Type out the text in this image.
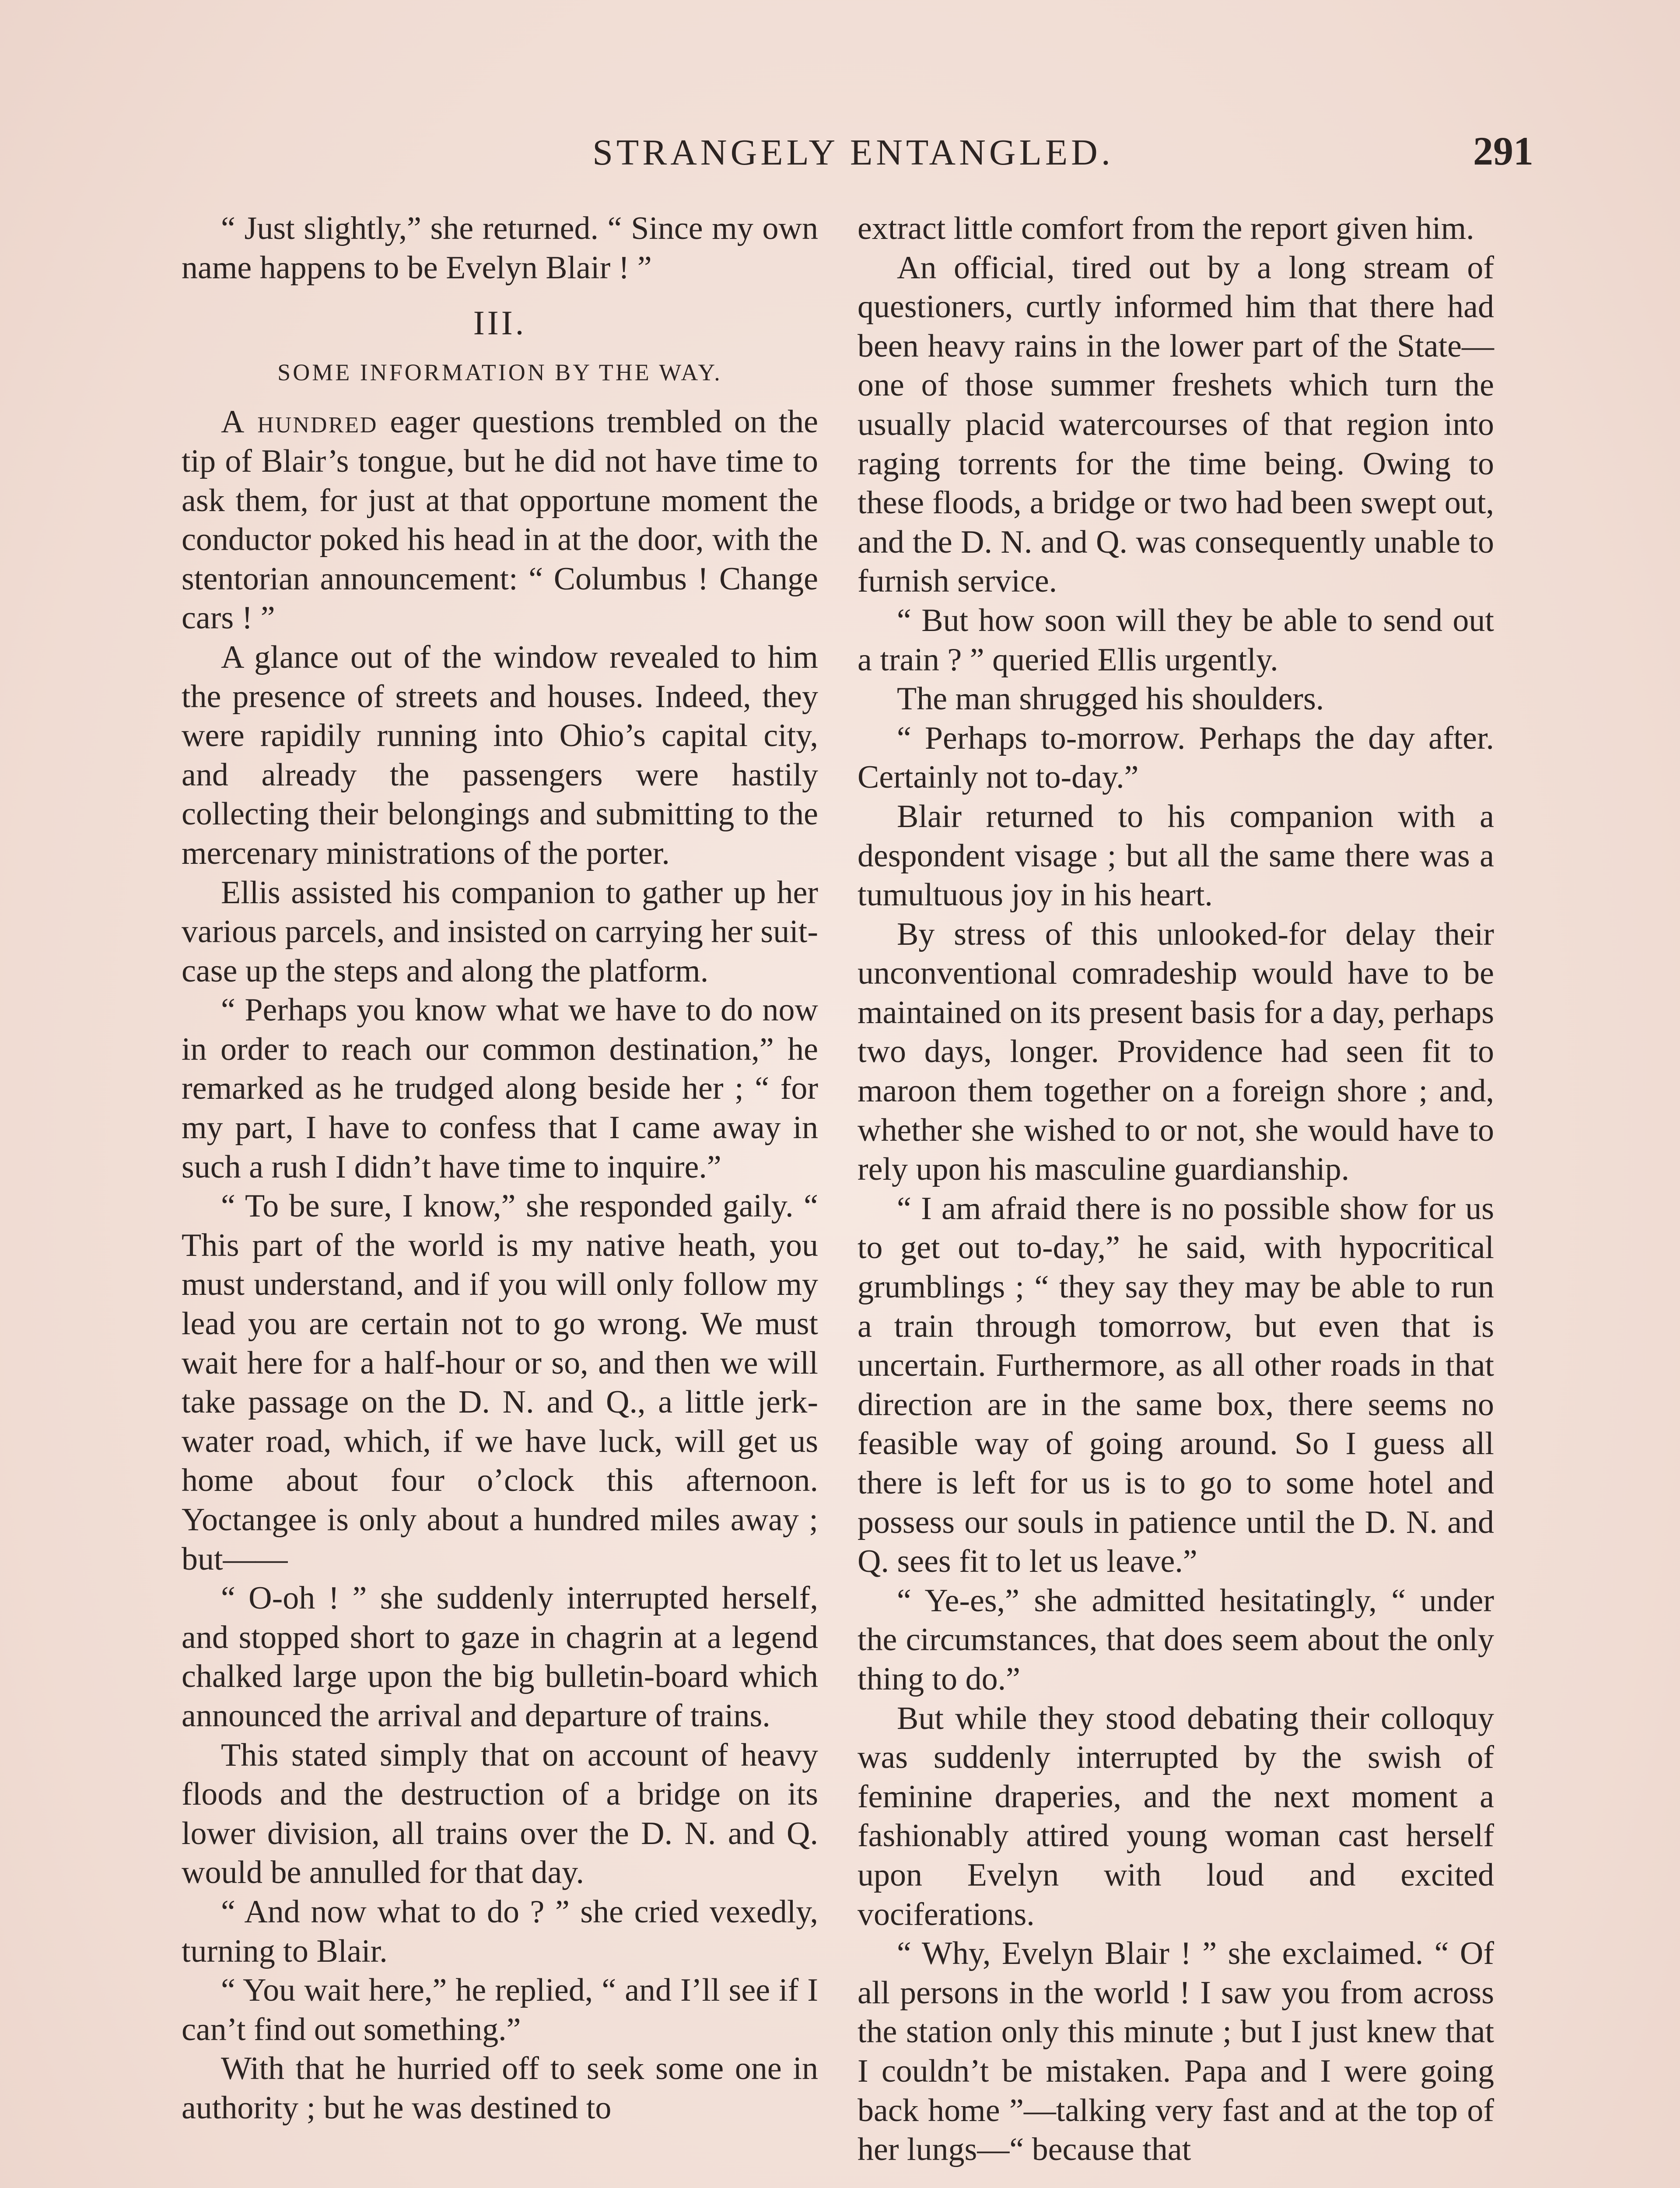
STRANGELY ENTANGLED.	291

“ Just slightly,” she returned. “ Since my own name happens to be Evelyn Blair ! ”

III.
SOME INFORMATION BY THE WAY.

A hundred eager questions trembled on the tip of Blair’s tongue, but he did not have time to ask them, for just at that opportune moment the conductor poked his head in at the door, with the stentorian announcement: “ Columbus ! Change cars ! ”

A glance out of the window revealed to him the presence of streets and houses. Indeed, they were rapidily running into Ohio’s capital city, and already the passengers were hastily collecting their belongings and submitting to the mercenary ministrations of the porter.

Ellis assisted his companion to gather up her various parcels, and insisted on carrying her suit-case up the steps and along the platform.

“ Perhaps you know what we have to do now in order to reach our common destination,” he remarked as he trudged along beside her ; “ for my part, I have to confess that I came away in such a rush I didn’t have time to inquire.”

“ To be sure, I know,” she responded gaily. “ This part of the world is my native heath, you must understand, and if you will only follow my lead you are certain not to go wrong. We must wait here for a half-hour or so, and then we will take passage on the D. N. and Q., a little jerk-water road, which, if we have luck, will get us home about four o’clock this afternoon. Yoctangee is only about a hundred miles away ; but——

“ O-oh ! ” she suddenly interrupted herself, and stopped short to gaze in chagrin at a legend chalked large upon the big bulletin-board which announced the arrival and departure of trains.

This stated simply that on account of heavy floods and the destruction of a bridge on its lower division, all trains over the D. N. and Q. would be annulled for that day.

“ And now what to do ? ” she cried vexedly, turning to Blair.

“ You wait here,” he replied, “ and I’ll see if I can’t find out something.”

With that he hurried off to seek some one in authority ; but he was destined to

extract little comfort from the report given him.

An official, tired out by a long stream of questioners, curtly informed him that there had been heavy rains in the lower part of the State—one of those summer freshets which turn the usually placid watercourses of that region into raging torrents for the time being. Owing to these floods, a bridge or two had been swept out, and the D. N. and Q. was consequently unable to furnish service.

“ But how soon will they be able to send out a train ? ” queried Ellis urgently.

The man shrugged his shoulders.

“ Perhaps to-morrow. Perhaps the day after. Certainly not to-day.”

Blair returned to his companion with a despondent visage ; but all the same there was a tumultuous joy in his heart.

By stress of this unlooked-for delay their unconventional comradeship would have to be maintained on its present basis for a day, perhaps two days, longer. Providence had seen fit to maroon them together on a foreign shore ; and, whether she wished to or not, she would have to rely upon his masculine guardianship.

“ I am afraid there is no possible show for us to get out to-day,” he said, with hypocritical grumblings ; “ they say they may be able to run a train through tomorrow, but even that is uncertain. Furthermore, as all other roads in that direction are in the same box, there seems no feasible way of going around. So I guess all there is left for us is to go to some hotel and possess our souls in patience until the D. N. and Q. sees fit to let us leave.”

“ Ye-es,” she admitted hesitatingly, “ under the circumstances, that does seem about the only thing to do.”

But while they stood debating their colloquy was suddenly interrupted by the swish of feminine draperies, and the next moment a fashionably attired young woman cast herself upon Evelyn with loud and excited vociferations.

“ Why, Evelyn Blair ! ” she exclaimed. “ Of all persons in the world ! I saw you from across the station only this minute ; but I just knew that I couldn’t be mistaken. Papa and I were going back home ”—talking very fast and at the top of her lungs—“ because that
